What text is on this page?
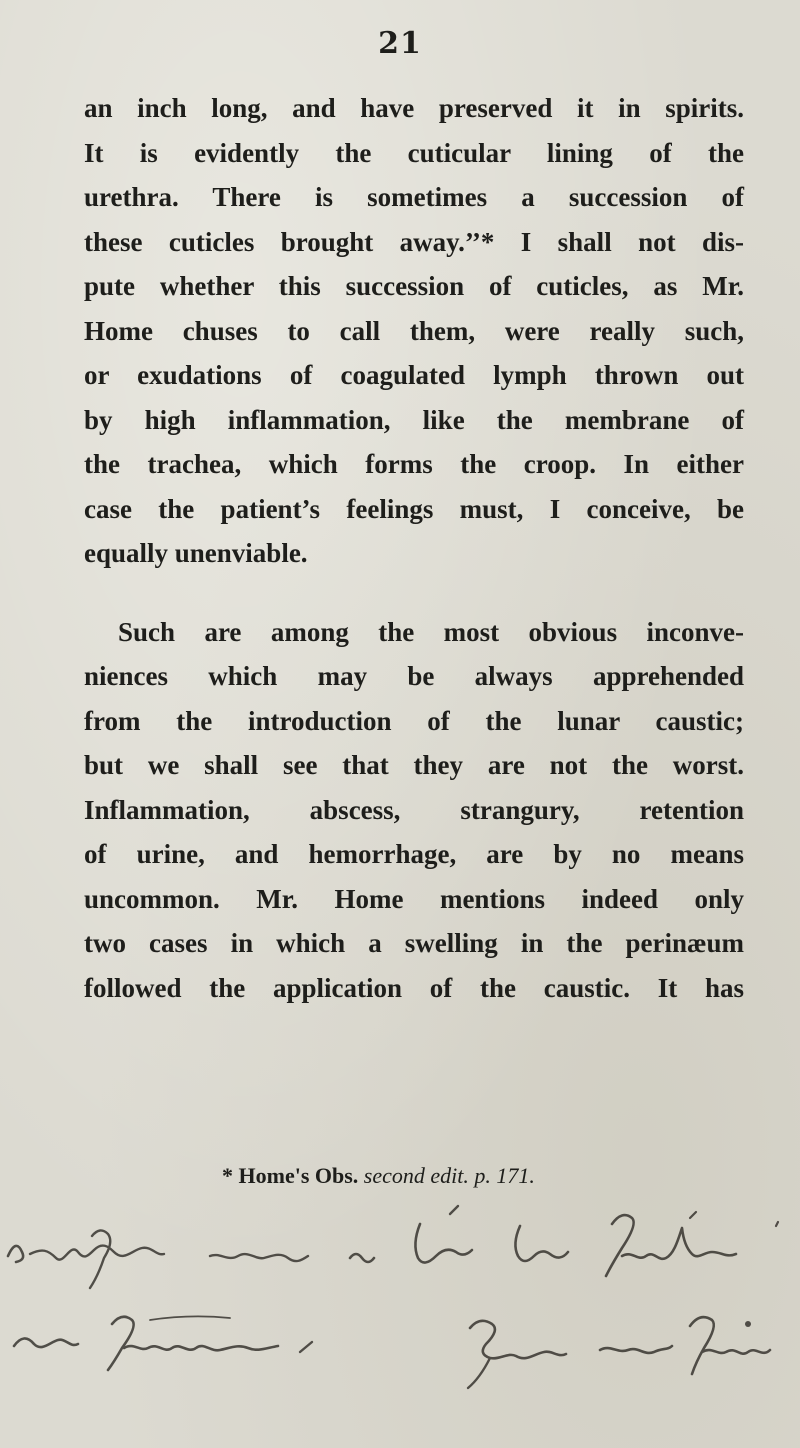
21

an inch long, and have preserved it in spirits.
It is evidently the cuticular lining of the
urethra. There is sometimes a succession of
these cuticles brought away.’’* I shall not dis-
pute whether this succession of cuticles, as Mr.
Home chuses to call them, were really such,
or exudations of coagulated lymph thrown out
by high inflammation, like the membrane of
the trachea, which forms the croop. In either
case the patient’s feelings must, I conceive, be
equally unenviable.

Such are among the most obvious inconve-
niences which may be always apprehended
from the introduction of the lunar caustic;
but we shall see that they are not the worst.
Inflammation, abscess, strangury, retention
of urine, and hemorrhage, are by no means
uncommon. Mr. Home mentions indeed only
two cases in which a swelling in the perinæum
followed the application of the caustic. It has

* Home's Obs. second edit. p. 171.
